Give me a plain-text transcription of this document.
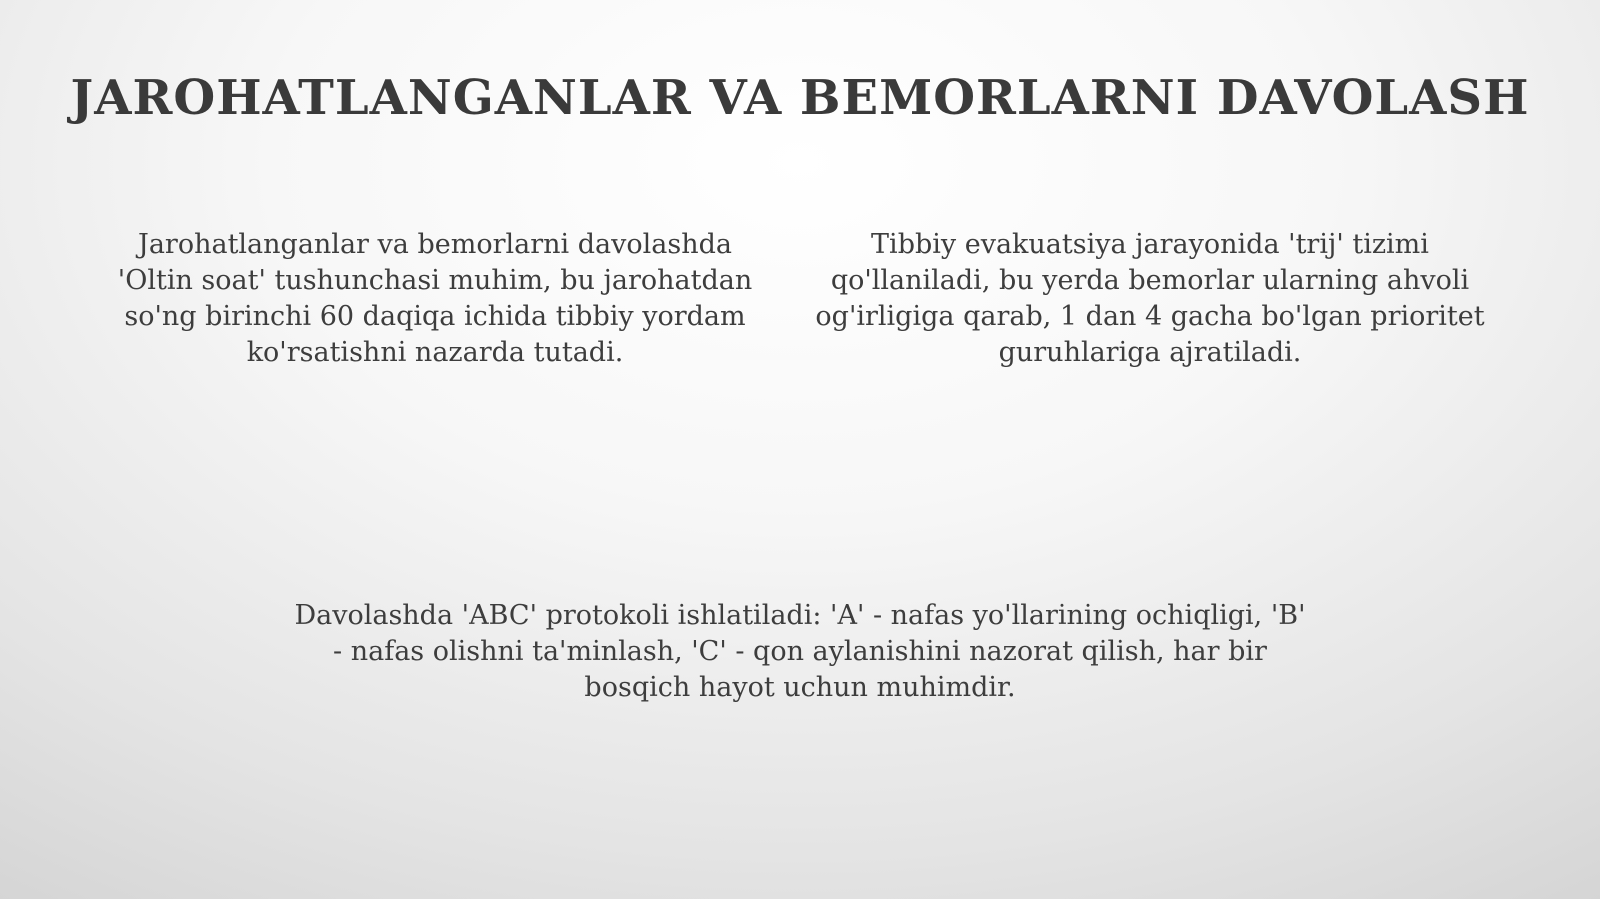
JAROHATLANGANLAR VA BEMORLARNI DAVOLASH

Jarohatlanganlar va bemorlarni davolashda 'Oltin soat' tushunchasi muhim, bu jarohatdan so'ng birinchi 60 daqiqa ichida tibbiy yordam ko'rsatishni nazarda tutadi.

Tibbiy evakuatsiya jarayonida 'trij' tizimi qo'llaniladi, bu yerda bemorlar ularning ahvoli og'irligiga qarab, 1 dan 4 gacha bo'lgan prioritet guruhlariga ajratiladi.

Davolashda 'ABC' protokoli ishlatiladi: 'A' - nafas yo'llarining ochiqligi, 'B' - nafas olishni ta'minlash, 'C' - qon aylanishini nazorat qilish, har bir bosqich hayot uchun muhimdir.
